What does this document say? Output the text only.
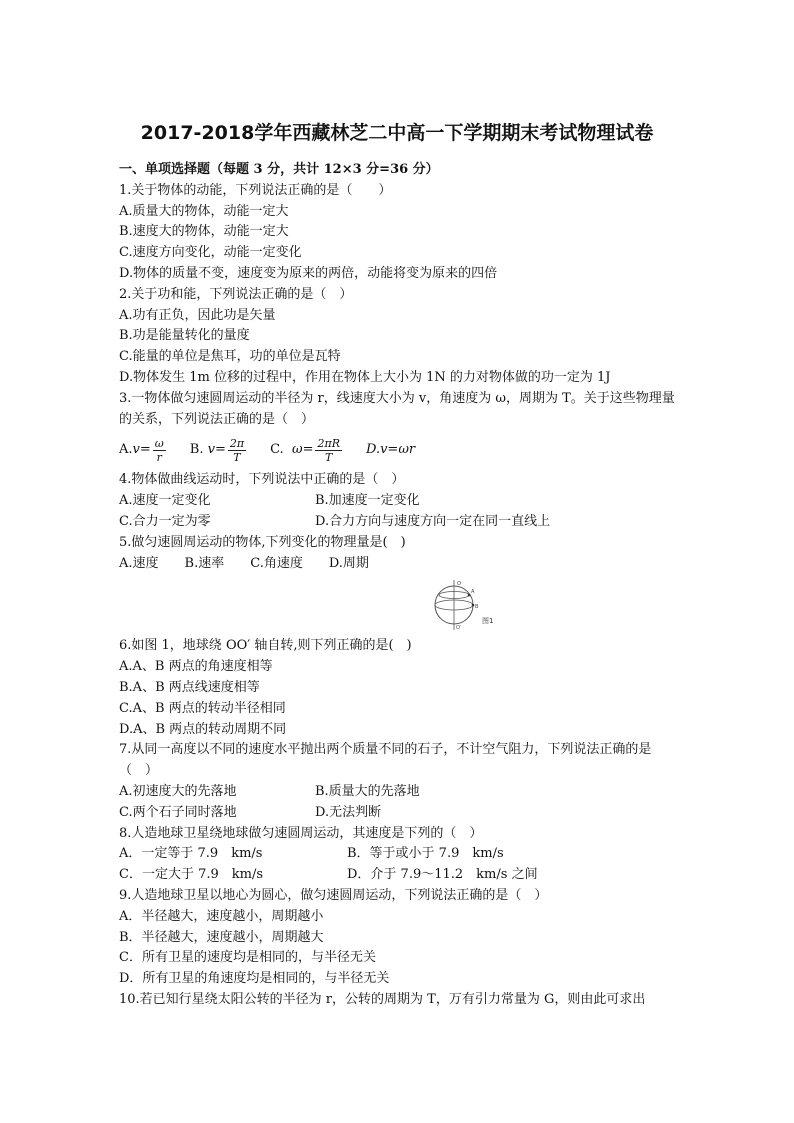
2017-2018学年西藏林芝二中高一下学期期末考试物理试卷
一、单项选择题（每题 3 分，共计 12×3 分=36 分）
1.关于物体的动能，下列说法正确的是（　　）
A.质量大的物体，动能一定大
B.速度大的物体，动能一定大
C.速度方向变化，动能一定变化
D.物体的质量不变，速度变为原来的两倍，动能将变为原来的四倍
2.关于功和能，下列说法正确的是（　）
A.功有正负，因此功是矢量
B.功是能量转化的量度
C.能量的单位是焦耳，功的单位是瓦特
D.物体发生 1m 位移的过程中，作用在物体上大小为 1N 的力对物体做的功一定为 1J
3.一物体做匀速圆周运动的半径为 r，线速度大小为 v，角速度为 ω，周期为 T。关于这些物理量的关系，下列说法正确的是（　）
A. $v= \frac{\omega}{r} B$.
$v= \frac{2\pi}{T} C$.
$\omega= \frac{2\pi R}{T} D.v=\omega r$
4.物体做曲线运动时，下列说法中正确的是（　）
A.速度一定变化	B.加速度一定变化
C.合力一定为零	D.合力方向与速度方向一定在同一直线上
5.做匀速圆周运动的物体,下列变化的物理量是(　)
A.速度 B.速率 C.角速度 D.周期
O
O′
A
B
图1
6.如图 1，地球绕 OO′ 轴自转,则下列正确的是(　)
A.A、B 两点的角速度相等
B.A、B 两点线速度相等
C.A、B 两点的转动半径相同
D.A、B 两点的转动周期不同
7.从同一高度以不同的速度水平抛出两个质量不同的石子，不计空气阻力，下列说法正确的是（　）
A.初速度大的先落地	B.质量大的先落地
C.两个石子同时落地	D.无法判断
8.人造地球卫星绕地球做匀速圆周运动，其速度是下列的（　）
A．一定等于 7.9　km/s	B．等于或小于 7.9　km/s
C．一定大于 7.9　km/s	D．介于 7.9～11.2　km/s 之间
9.人造地球卫星以地心为圆心，做匀速圆周运动，下列说法正确的是（　）
A．半径越大，速度越小，周期越小
B．半径越大，速度越小，周期越大
C．所有卫星的速度均是相同的，与半径无关
D．所有卫星的角速度均是相同的，与半径无关
10.若已知行星绕太阳公转的半径为 r，公转的周期为 T，万有引力常量为 G，则由此可求出
